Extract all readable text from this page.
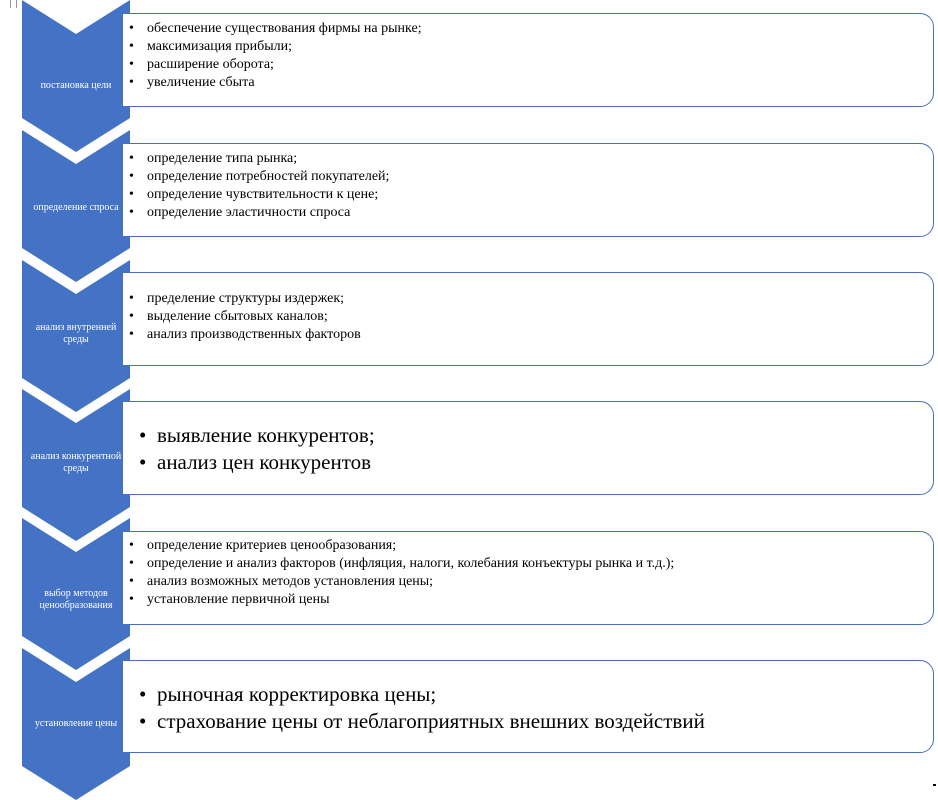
постановка цели
• обеспечение существования фирмы на рынке;
• максимизация прибыли;
• расширение оборота;
• увеличение сбыта
определение спроса
• определение типа рынка;
• определение потребностей покупателей;
• определение чувствительности к цене;
• определение эластичности спроса
анализ внутренней среды
• пределение структуры издержек;
• выделение сбытовых каналов;
• анализ производственных факторов
анализ конкурентной среды
• выявление конкурентов;
• анализ цен конкурентов
выбор методов ценообразования
• определение критериев ценообразования;
• определение и анализ факторов (инфляция, налоги, колебания конъектуры рынка и т.д.);
• анализ возможных методов установления цены;
• установление первичной цены
установление цены
• рыночная корректировка цены;
• страхование цены от неблагоприятных внешних воздействий
